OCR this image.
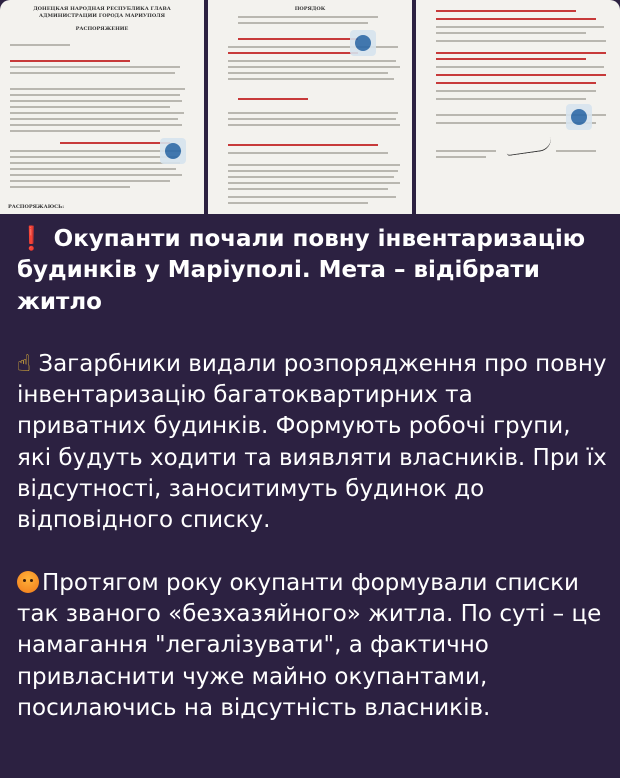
ДОНЕЦКАЯ НАРОДНАЯ РЕСПУБЛИКА ГЛАВА АДМИНИСТРАЦИИ ГОРОДА МАРИУПОЛЯ
РАСПОРЯЖЕНИЕ
РАСПОРЯЖАЮСЬ:
ПОРЯДОК
❗ Окупанти почали повну інвентаризацію будинків у Маріуполі. Мета – відібрати житло
☝ Загарбники видали розпорядження про повну інвентаризацію багатоквартирних та приватних будинків. Формують робочі групи, які будуть ходити та виявляти власників. При їх відсутності, заноситимуть будинок до відповідного списку.
Протягом року окупанти формували списки так званого «безхазяйного» житла. По суті – це намагання "легалізувати", а фактично привласнити чуже майно окупантами, посилаючись на відсутність власників.
